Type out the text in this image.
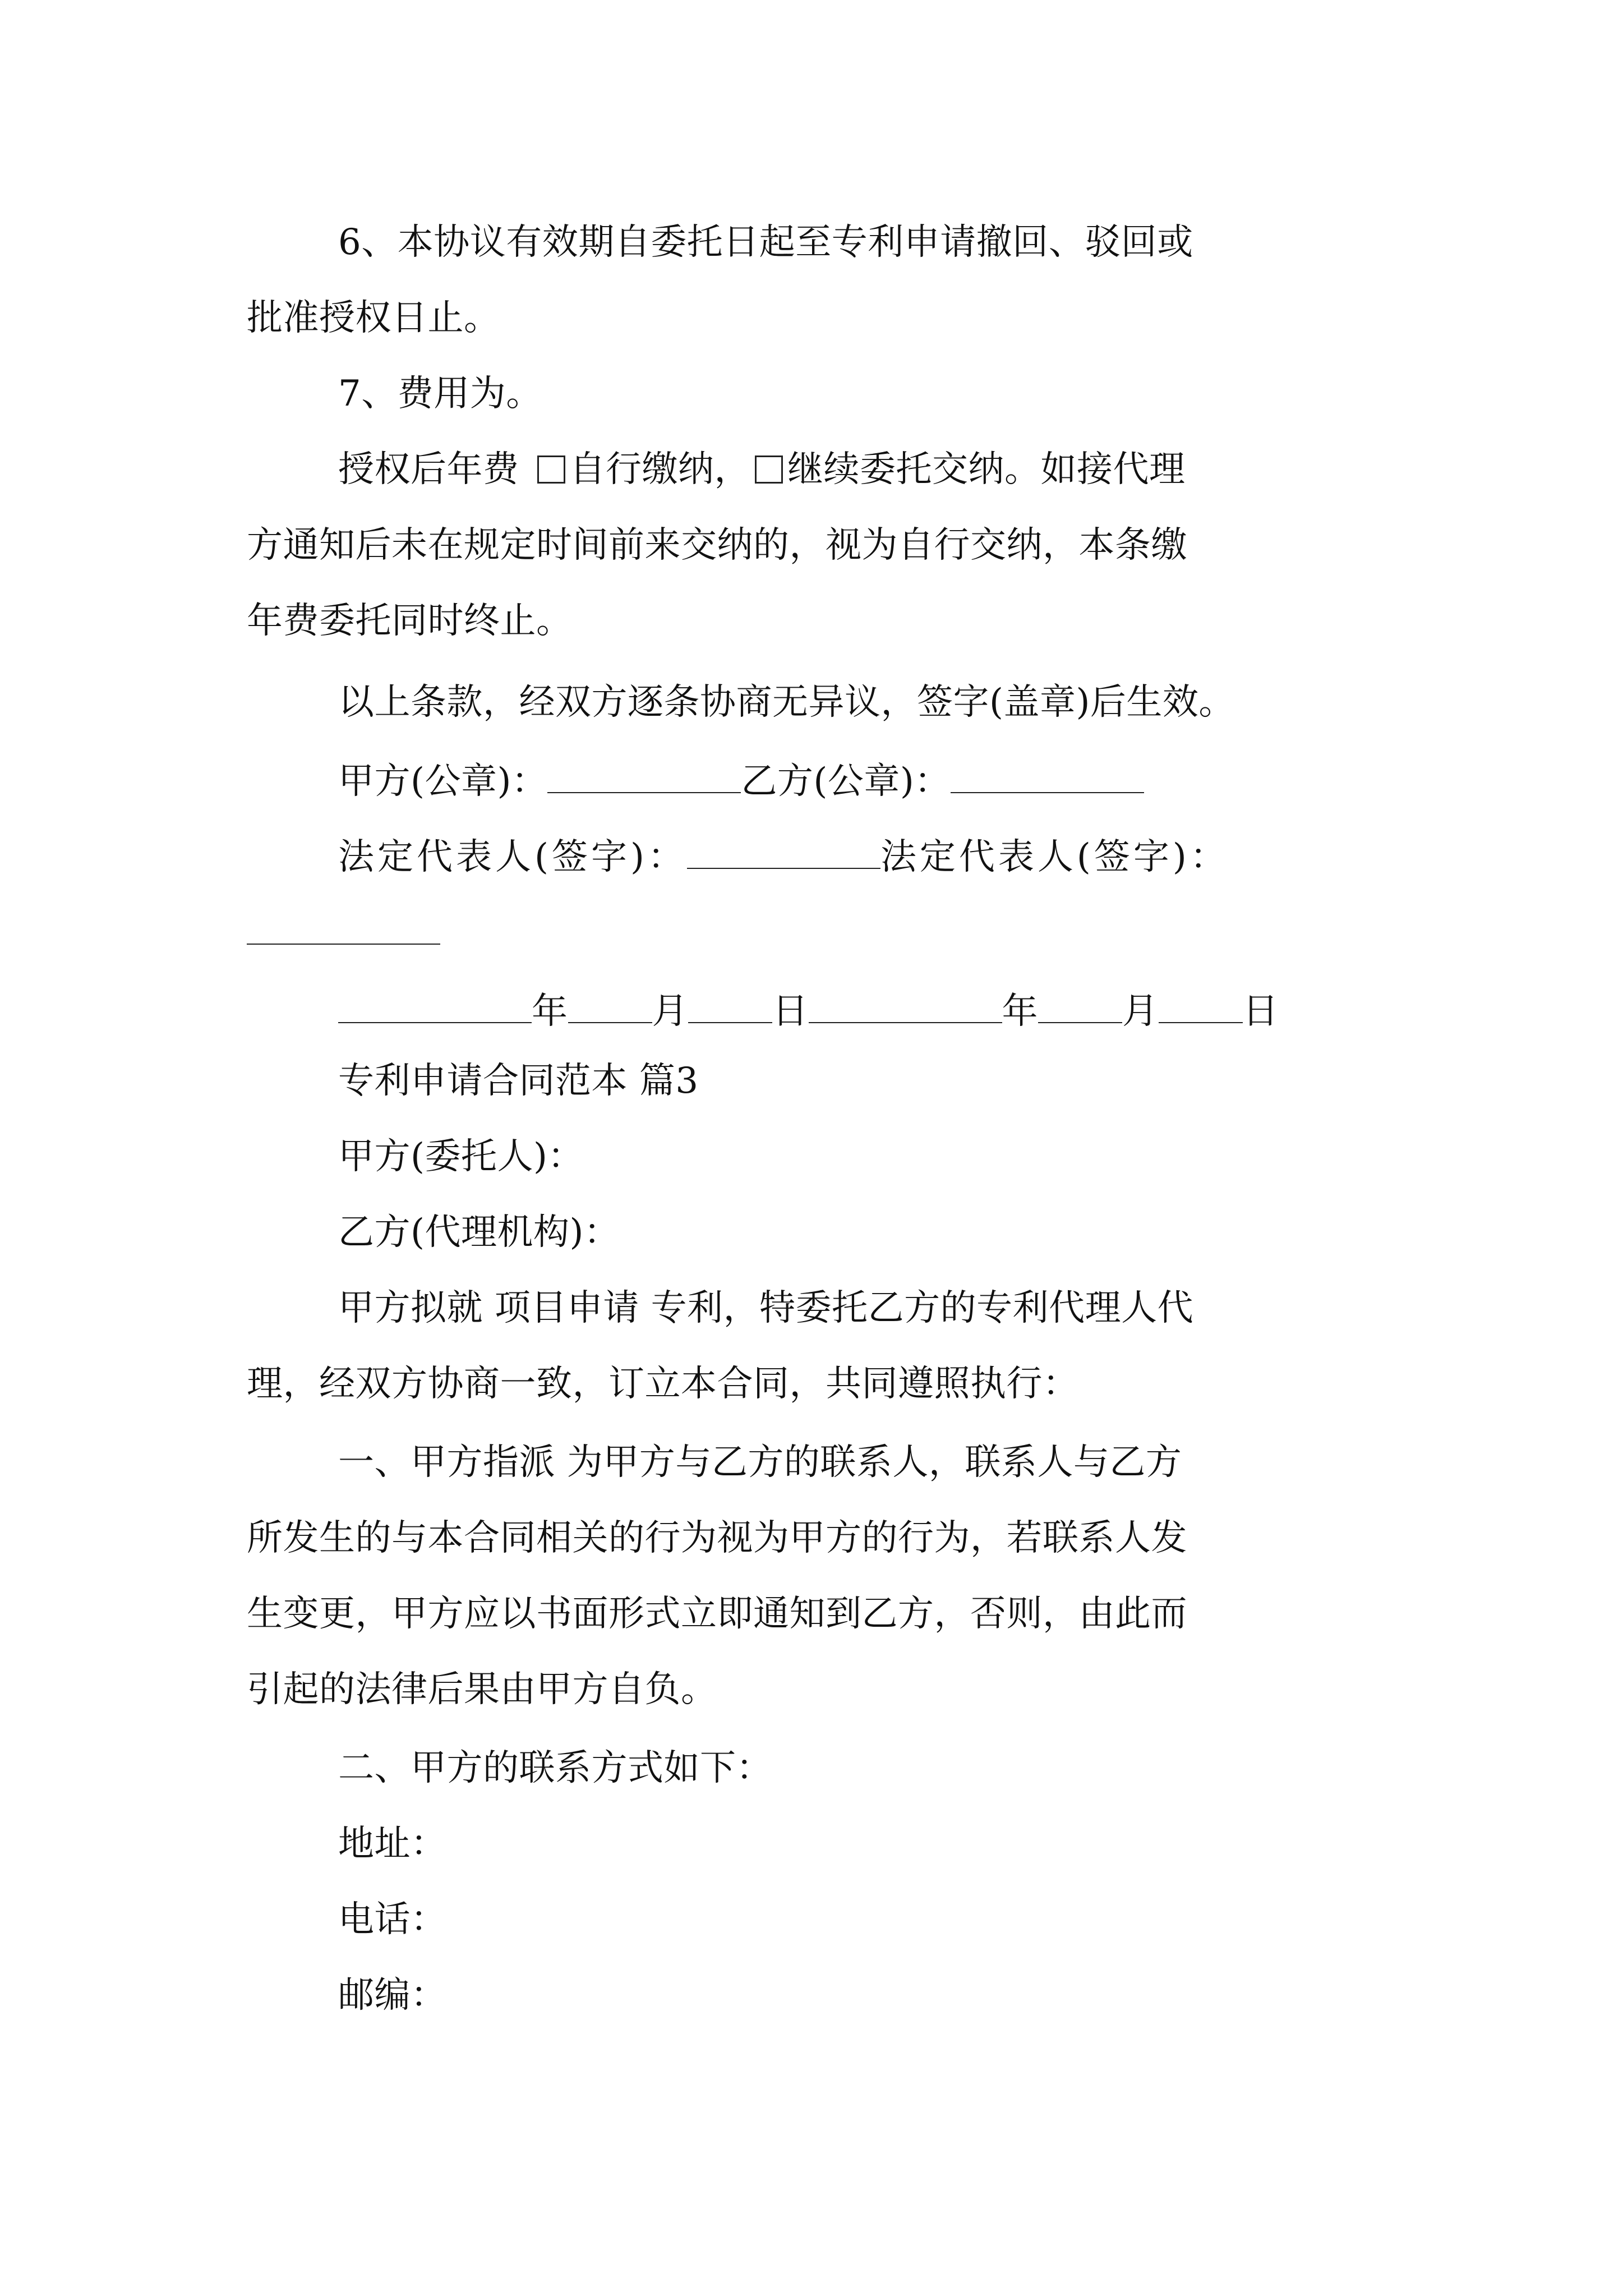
6、本协议有效期自委托日起至专利申请撤回、驳回或
批准授权日止。
7、费用为。
授权后年费 自行缴纳， 继续委托交纳。如接代理
方通知后未在规定时间前来交纳的，视为自行交纳，本条缴
年费委托同时终止。
以上条款，经双方逐条协商无异议，签字(盖章)后生效。
甲方(公章)：	乙方(公章)：
法定代表人(签字)：	法定代表人(签字)：
年 月 日	年 月 日
专利申请合同范本 篇3
甲方(委托人)：
乙方(代理机构)：
甲方拟就 项目申请 专利，特委托乙方的专利代理人代
理，经双方协商一致，订立本合同，共同遵照执行：
一、甲方指派 为甲方与乙方的联系人，联系人与乙方
所发生的与本合同相关的行为视为甲方的行为，若联系人发
生变更，甲方应以书面形式立即通知到乙方，否则，由此而
引起的法律后果由甲方自负。
二、甲方的联系方式如下：
地址：
电话：
邮编：
